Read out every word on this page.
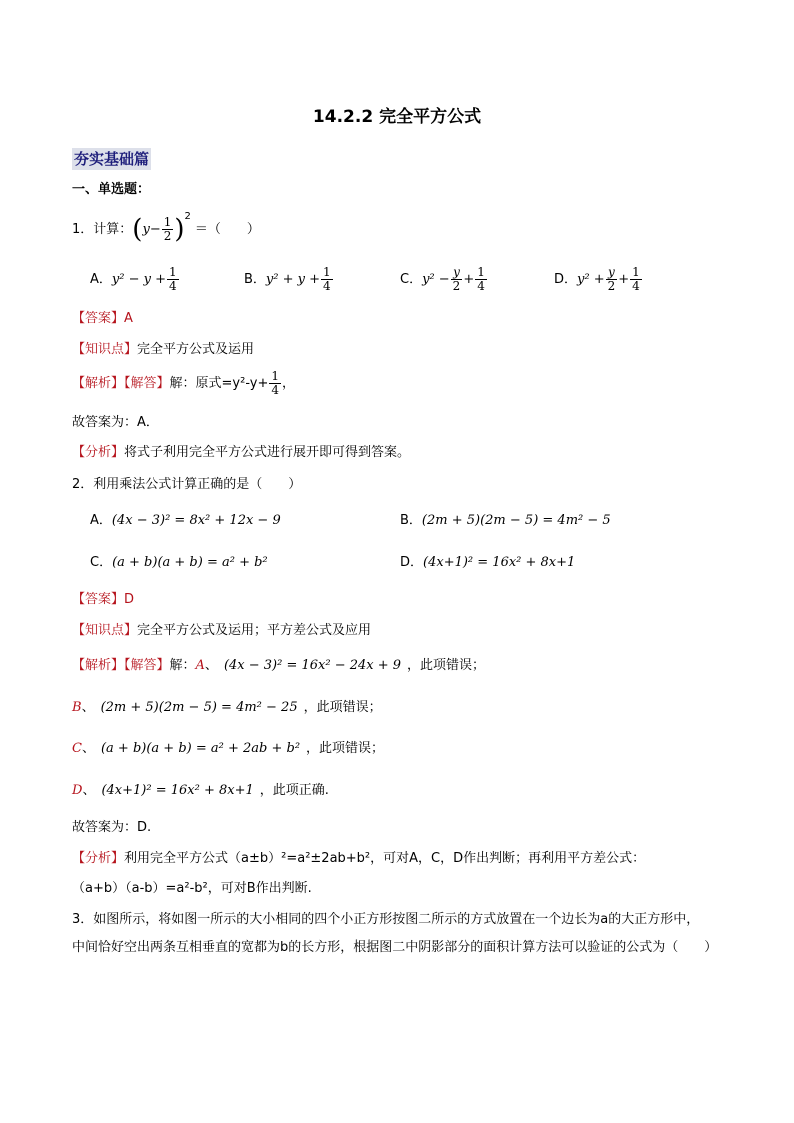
14.2.2 完全平方公式
夯实基础篇
一、单选题：
1．计算：$(y- \frac{1}{2} )^2=$（　　）
A．$y^2 - y + \frac{1}{4}$	B．$y^2 + y + \frac{1}{4}$	C．$y^2 - \frac{y}{2} + \frac{1}{4}$	D．$y^2 + \frac{y}{2} + \frac{1}{4}$
【答案】A
【知识点】完全平方公式及运用
【解析】【解答】解：原式$=y^2-y+ \frac{1}{4}$ ，
故答案为：A．
【分析】将式子利用完全平方公式进行展开即可得到答案。
2．利用乘法公式计算正确的是（　　）
A．(4x − 3)² = 8x² + 12x − 9	B．(2m + 5)(2m − 5) = 4m² − 5
C．(a + b)(a + b) = a² + b²	D．(4x+1)² = 16x² + 8x+1
【答案】D
【知识点】完全平方公式及运用；平方差公式及应用
【解析】【解答】解：A、 (4x − 3)² = 16x² − 24x + 9 ，此项错误；
B、 (2m + 5)(2m − 5) = 4m² − 25 ，此项错误；
C、 (a + b)(a + b) = a² + 2ab + b² ，此项错误；
D、 (4x+1)² = 16x² + 8x+1 ，此项正确.
故答案为：D.
【分析】利用完全平方公式（a±b）²=a²±2ab+b²，可对A，C，D作出判断；再利用平方差公式：
（a+b）（a-b）=a²-b²，可对B作出判断.
3．如图所示，将如图一所示的大小相同的四个小正方形按图二所示的方式放置在一个边长为a的大正方形中，中间恰好空出两条互相垂直的宽都为b的长方形，根据图二中阴影部分的面积计算方法可以验证的公式为（　　）
